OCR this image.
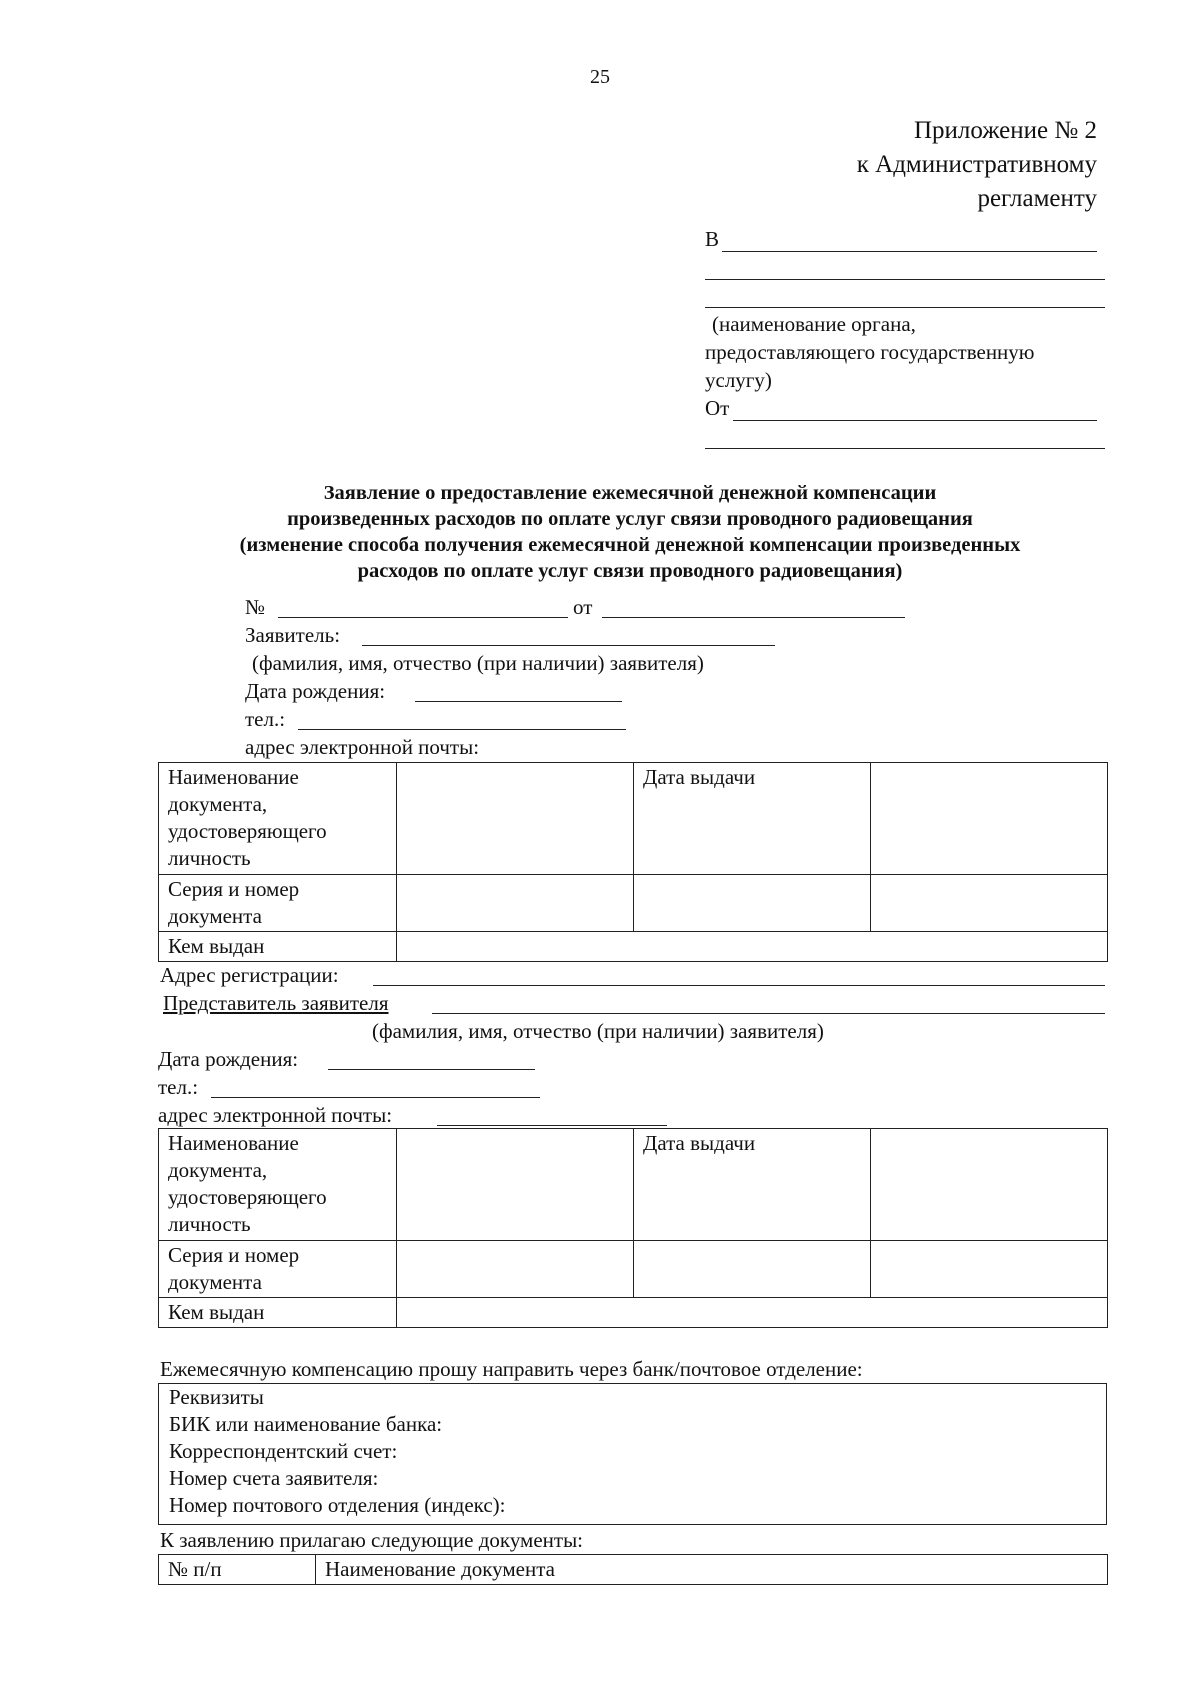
25
Приложение № 2
к Административному
регламенту
В
(наименование органа,
предоставляющего государственную
услугу)
От
Заявление о предоставление ежемесячной денежной компенсации
произведенных расходов по оплате услуг связи проводного радиовещания
(изменение способа получения ежемесячной денежной компенсации произведенных
расходов по оплате услуг связи проводного радиовещания)
№	от
Заявитель:
(фамилия, имя, отчество (при наличии) заявителя)
Дата рождения:
тел.:
адрес электронной почты:
Наименование документа, удостоверяющего личность		Дата выдачи	
Серия и номер документа			
Кем выдан			
Адрес регистрации:
Представитель заявителя
(фамилия, имя, отчество (при наличии) заявителя)
Дата рождения:
тел.:
адрес электронной почты:
Наименование документа, удостоверяющего личность		Дата выдачи	
Серия и номер документа			
Кем выдан			
Ежемесячную компенсацию прошу направить через банк/почтовое отделение:
Реквизиты
БИК или наименование банка:
Корреспондентский счет:
Номер счета заявителя:
Номер почтового отделения (индекс):
К заявлению прилагаю следующие документы:
№ п/п	Наименование документа
